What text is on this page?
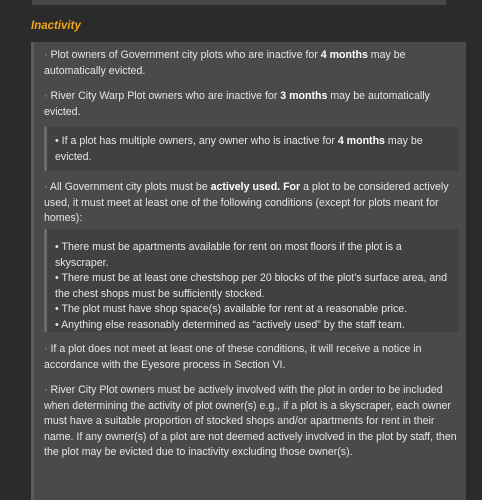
Inactivity
· Plot owners of Government city plots who are inactive for 4 months may be automatically evicted.
· River City Warp Plot owners who are inactive for 3 months may be automatically evicted.
• If a plot has multiple owners, any owner who is inactive for 4 months may be evicted.
· All Government city plots must be actively used. For a plot to be considered actively used, it must meet at least one of the following conditions (except for plots meant for homes):
• There must be apartments available for rent on most floors if the plot is a skyscraper.
• There must be at least one chestshop per 20 blocks of the plot’s surface area, and the chest shops must be sufficiently stocked.
• The plot must have shop space(s) available for rent at a reasonable price.
• Anything else reasonably determined as “actively used” by the staff team.
· If a plot does not meet at least one of these conditions, it will receive a notice in accordance with the Eyesore process in Section VI.
· River City Plot owners must be actively involved with the plot in order to be included when determining the activity of plot owner(s) e.g., if a plot is a skyscraper, each owner must have a suitable proportion of stocked shops and/or apartments for rent in their name. If any owner(s) of a plot are not deemed actively involved in the plot by staff, then the plot may be evicted due to inactivity excluding those owner(s).
